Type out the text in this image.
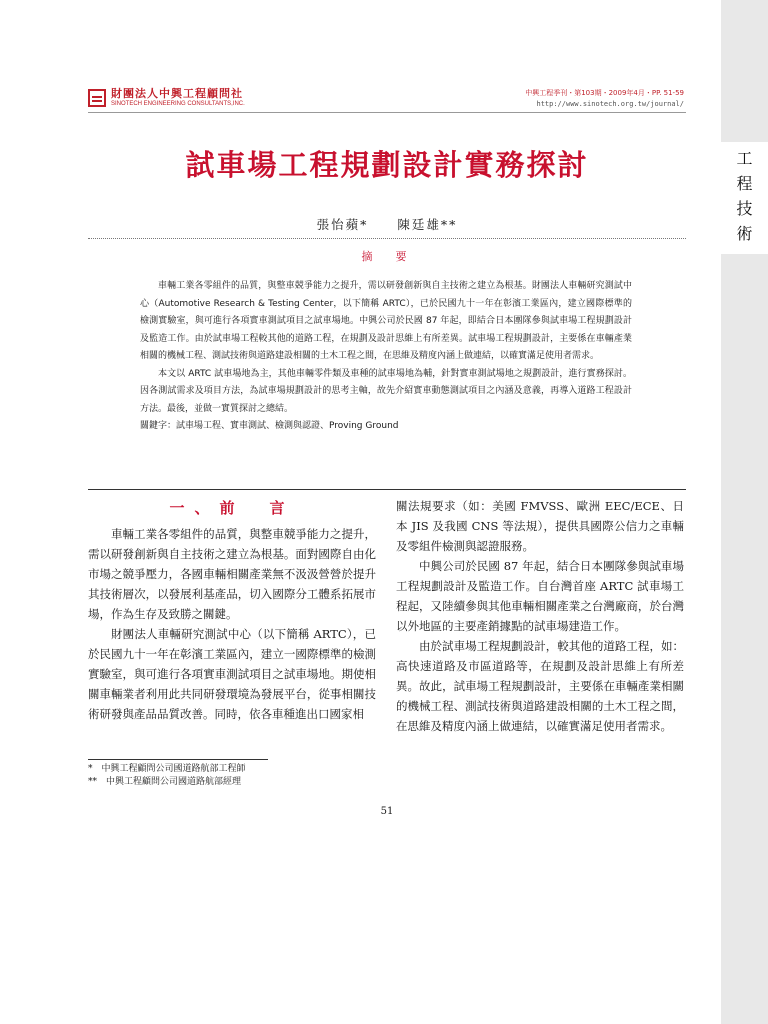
工
程
技
術
財團法人中興工程顧問社
SINOTECH ENGINEERING CONSULTANTS,INC.
中興工程季刊・第103期・2009年4月・PP. 51-59
http://www.sinotech.org.tw/journal/
試車場工程規劃設計實務探討
張怡蘋*　　陳廷雄**
摘　要

車輛工業各零組件的品質，與整車競爭能力之提升，需以研發創新與自主技術之建立為根基。財團法人車輛研究測試中心（Automotive Research & Testing Center，以下簡稱 ARTC），已於民國九十一年在彰濱工業區內，建立國際標準的檢測實驗室，與可進行各項實車測試項目之試車場地。中興公司於民國 87 年起，即結合日本團隊參與試車場工程規劃設計及監造工作。由於試車場工程較其他的道路工程，在規劃及設計思維上有所差異。試車場工程規劃設計，主要係在車輛產業相關的機械工程、測試技術與道路建設相關的土木工程之間，在思維及精度內涵上做連結，以確實滿足使用者需求。

本文以 ARTC 試車場地為主，其他車輛零件類及車種的試車場地為輔，針對實車測試場地之規劃設計，進行實務探討。因各測試需求及項目方法，為試車場規劃設計的思考主軸，故先介紹實車動態測試項目之內涵及意義，再導入道路工程設計方法。最後，並做一實質探討之總結。

關鍵字：試車場工程、實車測試、檢測與認證、Proving Ground

一、前　言

車輛工業各零組件的品質，與整車競爭能力之提升，需以研發創新與自主技術之建立為根基。面對國際自由化市場之競爭壓力，各國車輛相關產業無不汲汲營營於提升其技術層次，以發展利基產品，切入國際分工體系拓展市場，作為生存及致勝之關鍵。

財團法人車輛研究測試中心（以下簡稱 ARTC），已於民國九十一年在彰濱工業區內，建立一國際標準的檢測實驗室，與可進行各項實車測試項目之試車場地。期使相關車輛業者利用此共同研發環境為發展平台，從事相關技術研發與產品品質改善。同時，依各車種進出口國家相

關法規要求（如：美國 FMVSS、歐洲 EEC/ECE、日本 JIS 及我國 CNS 等法規），提供具國際公信力之車輛及零組件檢測與認證服務。

中興公司於民國 87 年起，結合日本團隊參與試車場工程規劃設計及監造工作。自台灣首座 ARTC 試車場工程起，又陸續參與其他車輛相關產業之台灣廠商，於台灣以外地區的主要產銷據點的試車場建造工作。

由於試車場工程規劃設計，較其他的道路工程，如：高快速道路及市區道路等，在規劃及設計思維上有所差異。故此，試車場工程規劃設計，主要係在車輛產業相關的機械工程、測試技術與道路建設相關的土木工程之間，在思維及精度內涵上做連結，以確實滿足使用者需求。

*　中興工程顧問公司國道路航部工程師
**　中興工程顧問公司國道路航部經理
51
